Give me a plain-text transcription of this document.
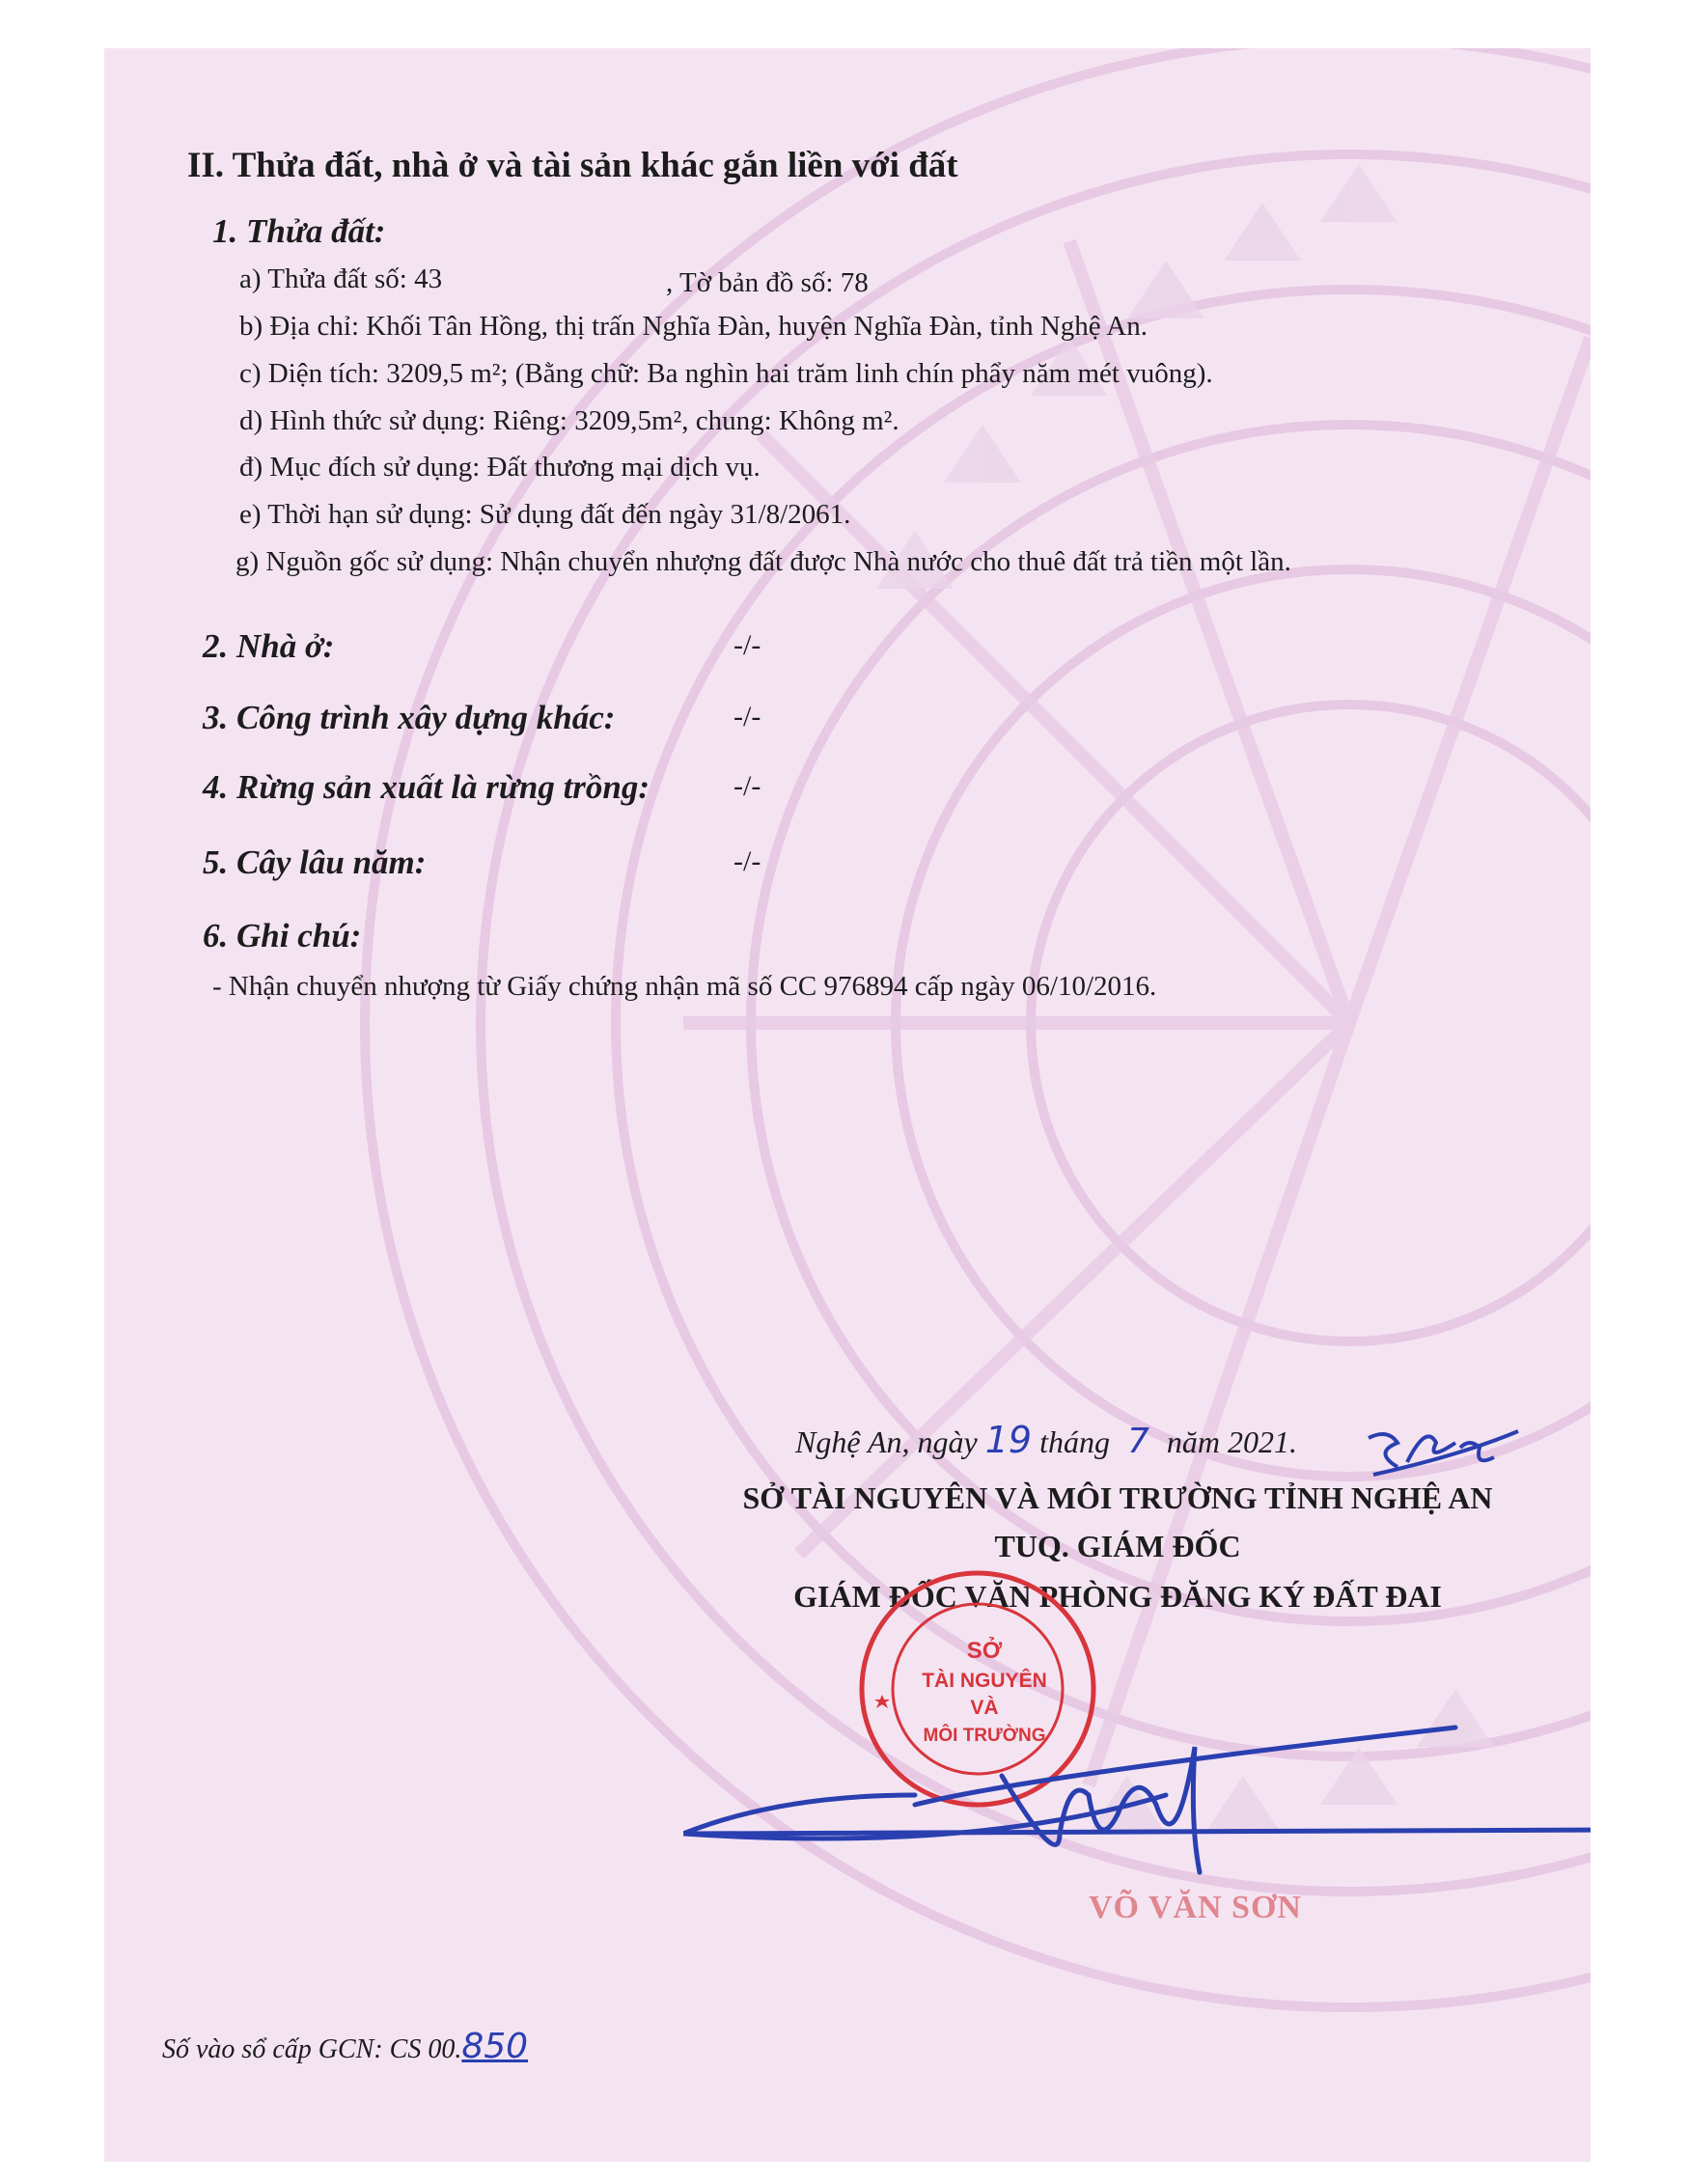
II. Thửa đất, nhà ở và tài sản khác gắn liền với đất
1. Thửa đất:
a) Thửa đất số: 43	, Tờ bản đồ số: 78
b) Địa chỉ: Khối Tân Hồng, thị trấn Nghĩa Đàn, huyện Nghĩa Đàn, tỉnh Nghệ An.
c) Diện tích: 3209,5 m²; (Bằng chữ: Ba nghìn hai trăm linh chín phẩy năm mét vuông).
d) Hình thức sử dụng: Riêng: 3209,5m², chung: Không m².
đ) Mục đích sử dụng: Đất thương mại dịch vụ.
e) Thời hạn sử dụng: Sử dụng đất đến ngày 31/8/2061.
g) Nguồn gốc sử dụng: Nhận chuyển nhượng đất được Nhà nước cho thuê đất trả tiền một lần.
2. Nhà ở:	-/-
3. Công trình xây dựng khác:	-/-
4. Rừng sản xuất là rừng trồng:	-/-
5. Cây lâu năm:	-/-
6. Ghi chú:
- Nhận chuyển nhượng từ Giấy chứng nhận mã số CC 976894 cấp ngày 06/10/2016.
Nghệ An, ngày 19 tháng 7 năm 2021.
SỞ TÀI NGUYÊN VÀ MÔI TRƯỜNG TỈNH NGHỆ AN
TUQ. GIÁM ĐỐC
GIÁM ĐỐC VĂN PHÒNG ĐĂNG KÝ ĐẤT ĐAI
SỞ
TÀI NGUYÊN
VÀ
MÔI TRƯỜNG
VÕ VĂN SƠN
Số vào sổ cấp GCN: CS 00.850
